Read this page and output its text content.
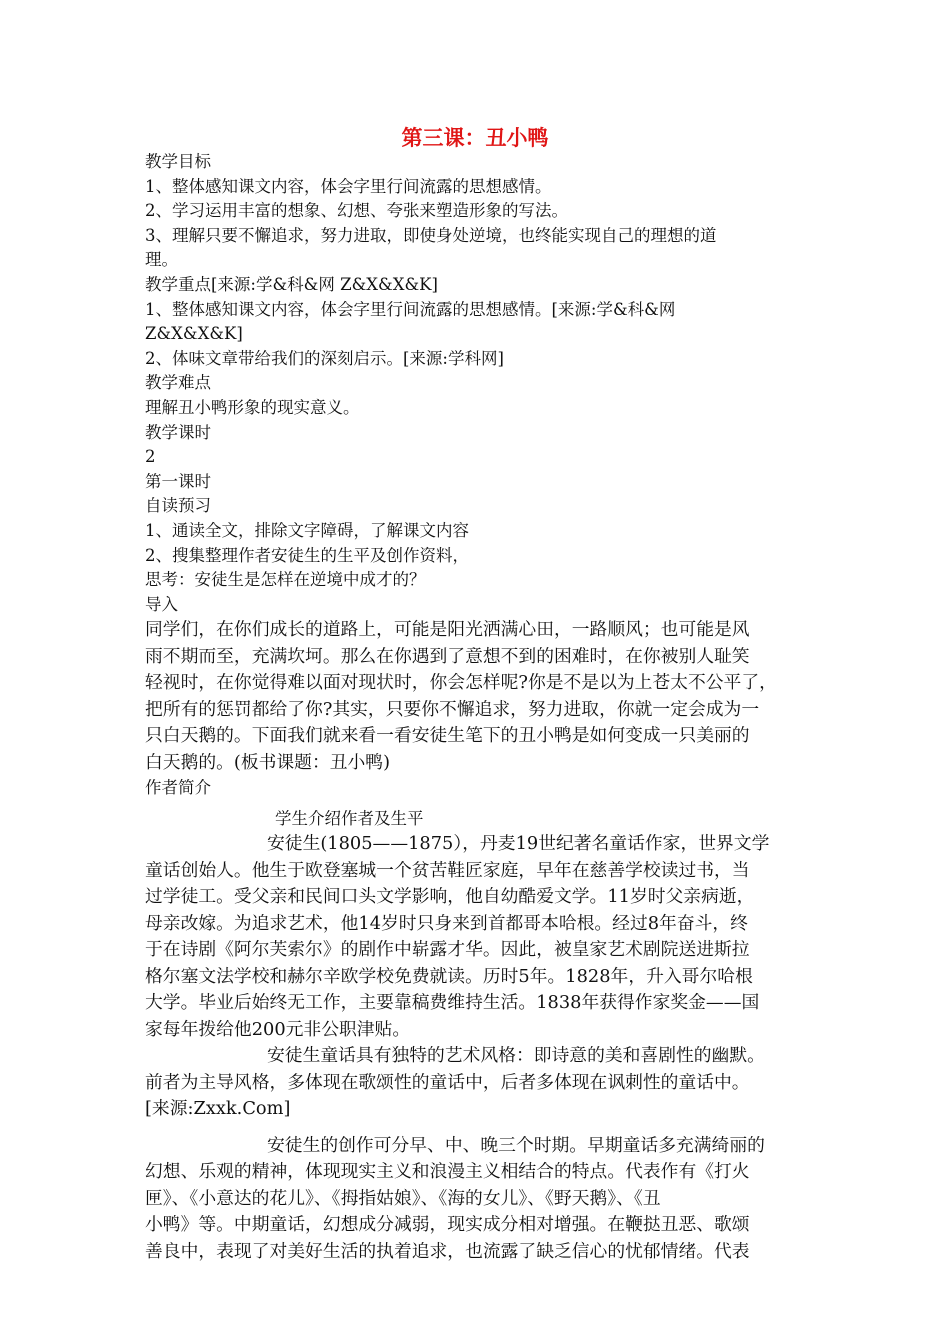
第三课：丑小鸭
教学目标
1、整体感知课文内容，体会字里行间流露的思想感情。
2、学习运用丰富的想象、幻想、夸张来塑造形象的写法。
3、理解只要不懈追求，努力进取，即使身处逆境，也终能实现自己的理想的道
理。
教学重点[来源:学&科&网 Z&X&X&K]
1、整体感知课文内容，体会字里行间流露的思想感情。[来源:学&科&网
Z&X&X&K]
2、体味文章带给我们的深刻启示。[来源:学科网]
教学难点
理解丑小鸭形象的现实意义。
教学课时
2
第一课时
自读预习
1、通读全文，排除文字障碍，了解课文内容
2、搜集整理作者安徒生的生平及创作资料，
思考：安徒生是怎样在逆境中成才的？
导入
同学们，在你们成长的道路上，可能是阳光洒满心田，一路顺风；也可能是风
雨不期而至，充满坎坷。那么在你遇到了意想不到的困难时，在你被别人耻笑
轻视时，在你觉得难以面对现状时，你会怎样呢?你是不是以为上苍太不公平了，
把所有的惩罚都给了你?其实，只要你不懈追求，努力进取，你就一定会成为一
只白天鹅的。下面我们就来看一看安徒生笔下的丑小鸭是如何变成一只美丽的
白天鹅的。(板书课题：丑小鸭)
作者简介
学生介绍作者及生平
安徒生(1805——1875），丹麦19世纪著名童话作家，世界文学
童话创始人。他生于欧登塞城一个贫苦鞋匠家庭，早年在慈善学校读过书，当
过学徒工。受父亲和民间口头文学影响，他自幼酷爱文学。11岁时父亲病逝，
母亲改嫁。为追求艺术，他14岁时只身来到首都哥本哈根。经过8年奋斗，终
于在诗剧《阿尔芙索尔》的剧作中崭露才华。因此，被皇家艺术剧院送进斯拉
格尔塞文法学校和赫尔辛欧学校免费就读。历时5年。1828年，升入哥尔哈根
大学。毕业后始终无工作，主要靠稿费维持生活。1838年获得作家奖金——国
家每年拨给他200元非公职津贴。
安徒生童话具有独特的艺术风格：即诗意的美和喜剧性的幽默。
前者为主导风格，多体现在歌颂性的童话中，后者多体现在讽刺性的童话中。
[来源:Zxxk.Com]
安徒生的创作可分早、中、晚三个时期。早期童话多充满绮丽的
幻想、乐观的精神，体现现实主义和浪漫主义相结合的特点。代表作有《打火
匣》、《小意达的花儿》、《拇指姑娘》、《海的女儿》、《野天鹅》、《丑
小鸭》等。中期童话，幻想成分减弱，现实成分相对增强。在鞭挞丑恶、歌颂
善良中，表现了对美好生活的执着追求，也流露了缺乏信心的忧郁情绪。代表
